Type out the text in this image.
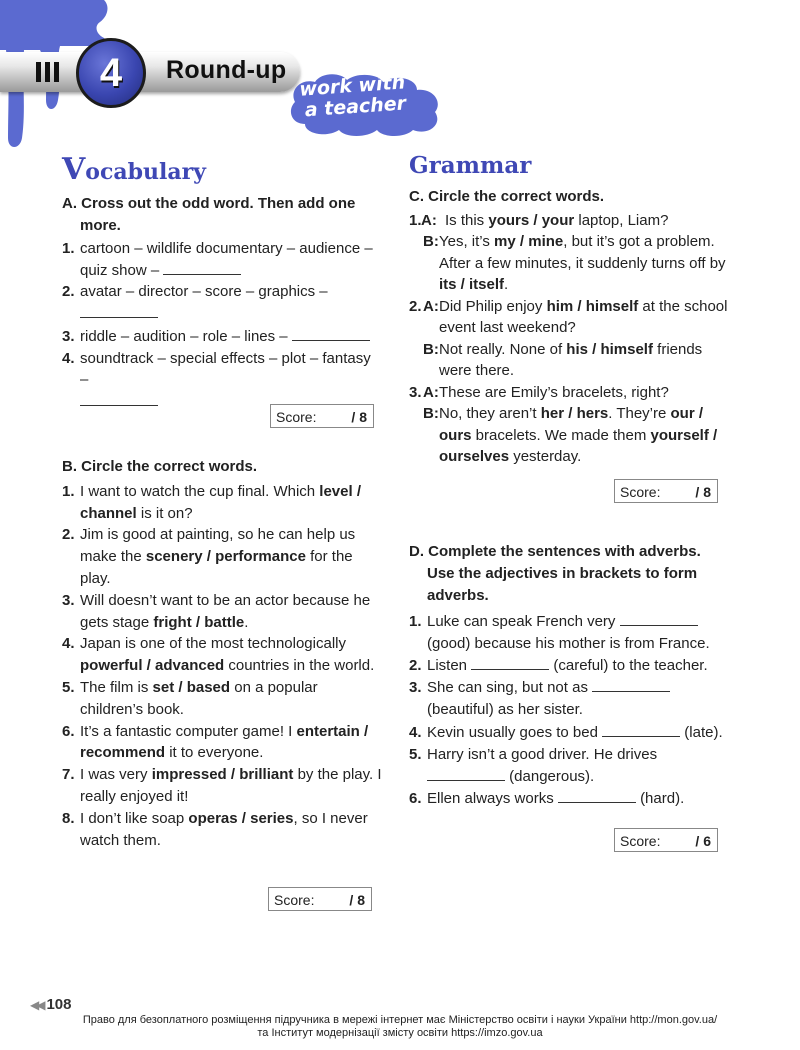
4 Round-up
work with
a teacher
Vocabulary

A. Cross out the odd word. Then add one more.

1. cartoon – wildlife documentary – audience – quiz show –
2. avatar – director – score – graphics –

3. riddle – audition – role – lines –
4. soundtrack – special effects – plot – fantasy –

Score: / 8

B. Circle the correct words.

1. I want to watch the cup final. Which level / channel is it on?
2. Jim is good at painting, so he can help us make the scenery / performance for the play.
3. Will doesn’t want to be an actor because he gets stage fright / battle.
4. Japan is one of the most technologically powerful / advanced countries in the world.
5. The film is set / based on a popular children’s book.
6. It’s a fantastic computer game! I entertain / recommend it to everyone.
7. I was very impressed / brilliant by the play. I really enjoyed it!
8. I don’t like soap operas / series, so I never watch them.
Score: / 8
Grammar

C. Circle the correct words.

1. A: Is this yours / your laptop, Liam?
B: Yes, it’s my / mine, but it’s got a problem. After a few minutes, it suddenly turns off by its / itself.
2. A: Did Philip enjoy him / himself at the school event last weekend?
B: Not really. None of his / himself friends were there.
3. A: These are Emily’s bracelets, right?
B: No, they aren’t her / hers. They’re our / ours bracelets. We made them yourself / ourselves yesterday.
Score: / 8

D. Complete the sentences with adverbs. Use the adjectives in brackets to form adverbs.

1. Luke can speak French very  (good) because his mother is from France.
2. Listen	(careful) to the teacher.
3. She can sing, but not as  (beautiful) as her sister.
4. Kevin usually goes to bed	(late).
5. Harry isn’t a good driver. He drives  (dangerous).
6. Ellen always works	(hard).
Score: / 6
◀◀ 108
Право для безоплатного розміщення підручника в мережі інтернет має Міністерство освіти і науки України http://mon.gov.ua/
та Інститут модернізації змісту освіти https://imzo.gov.ua
